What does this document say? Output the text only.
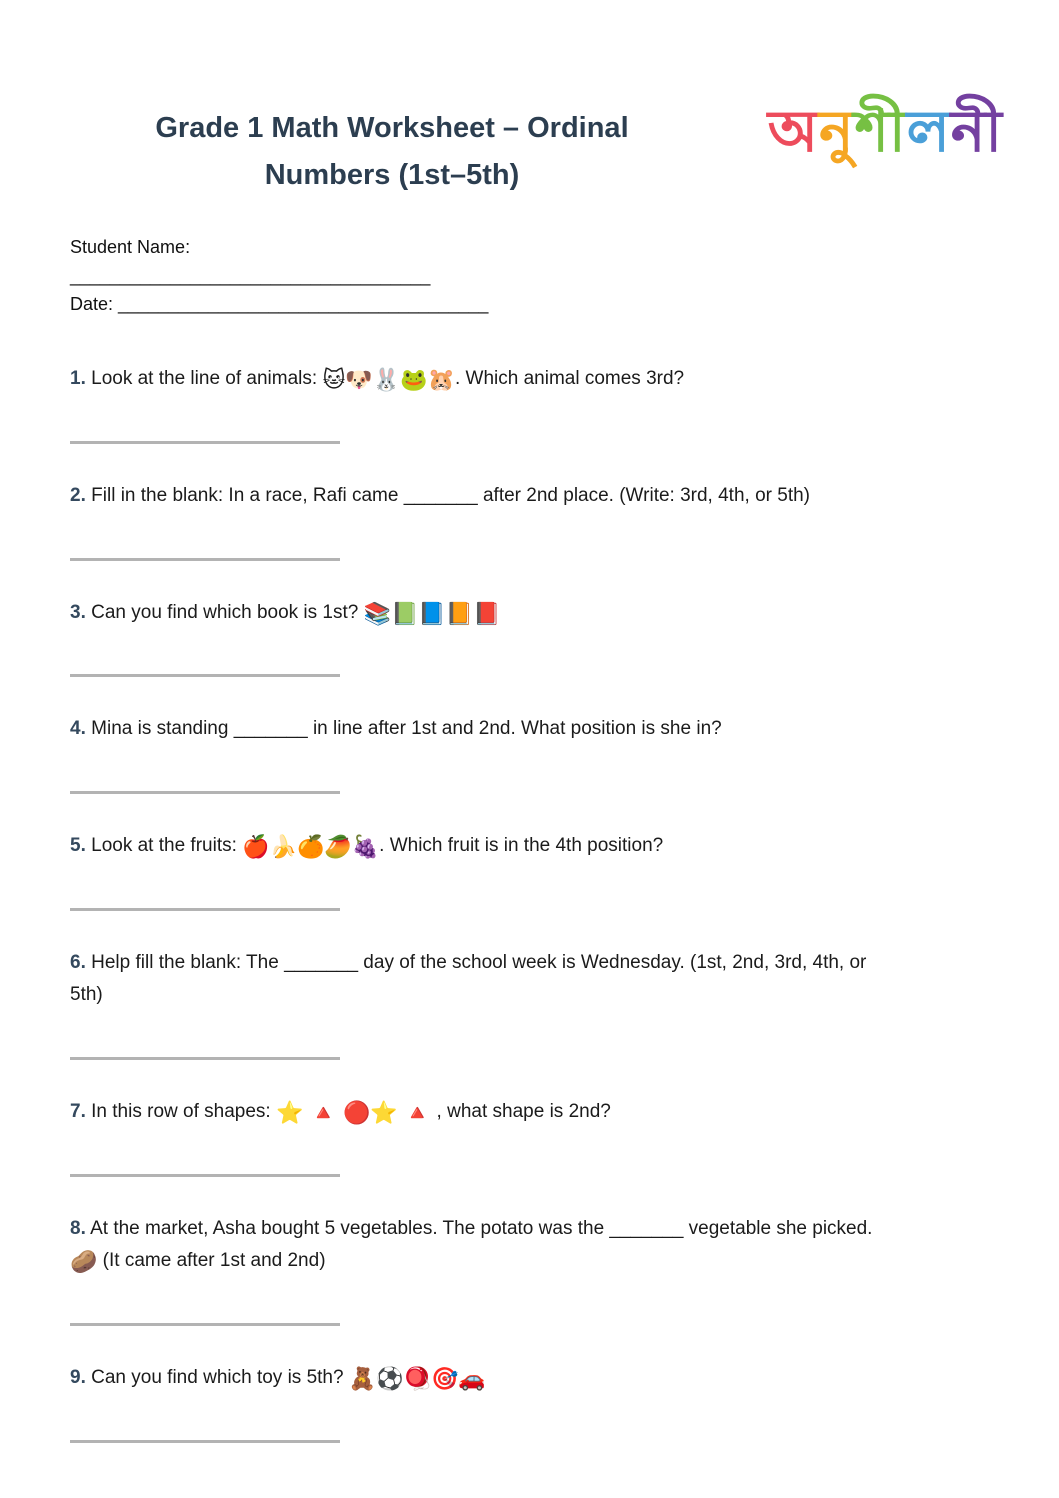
Grade 1 Math Worksheet – Ordinal Numbers (1st–5th)
অনুশীলনী

Student Name:

____________________________________

Date: _____________________________________

1. Look at the line of animals: 🐱🐶🐰🐸🐹. Which animal comes 3rd?

2. Fill in the blank: In a race, Rafi came _______ after 2nd place. (Write: 3rd, 4th, or 5th)

3. Can you find which book is 1st? 📚📗📘📙📕

4. Mina is standing _______ in line after 1st and 2nd. What position is she in?

5. Look at the fruits: 🍎🍌🍊🥭🍇. Which fruit is in the 4th position?

6. Help fill the blank: The _______ day of the school week is Wednesday. (1st, 2nd, 3rd, 4th, or
5th)

7. In this row of shapes: ⭐ 🔺 🔴⭐ 🔺 , what shape is 2nd?

8. At the market, Asha bought 5 vegetables. The potato was the _______ vegetable she picked.
🥔 (It came after 1st and 2nd)

9. Can you find which toy is 5th? 🧸⚽🪀🎯🚗
